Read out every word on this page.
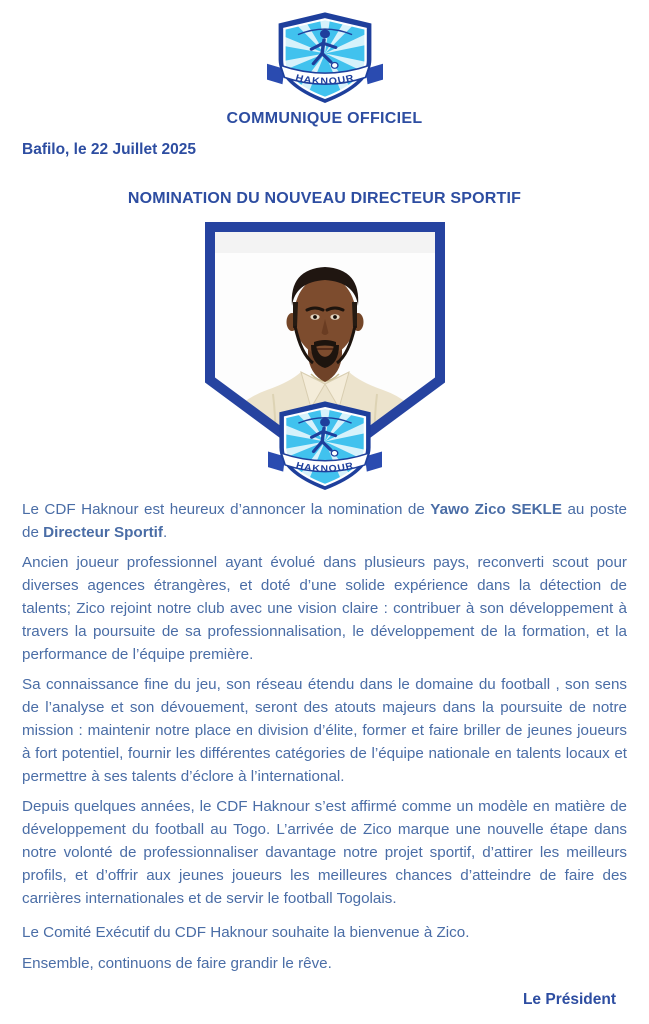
COMMUNIQUE OFFICIEL
Bafilo, le 22 Juillet 2025
NOMINATION DU NOUVEAU DIRECTEUR SPORTIF

Le CDF Haknour est heureux d’annoncer la nomination de Yawo Zico SEKLE au poste de Directeur Sportif.

Ancien joueur professionnel ayant évolué dans plusieurs pays, reconverti scout pour diverses agences étrangères, et doté d’une solide expérience dans la détection de talents; Zico rejoint notre club avec une vision claire : contribuer à son développement à travers la poursuite de sa professionnalisation, le développement de la formation, et la performance de l’équipe première.

Sa connaissance fine du jeu, son réseau étendu dans le domaine du football , son sens de l’analyse et son dévouement, seront des atouts majeurs dans la poursuite de notre mission : maintenir notre place en division d’élite, former et faire briller de jeunes joueurs à fort potentiel, fournir les différentes catégories de l’équipe nationale en talents locaux et permettre à ses talents d’éclore à l’international.

Depuis quelques années, le CDF Haknour s’est affirmé comme un modèle en matière de développement du football au Togo. L’arrivée de Zico marque une nouvelle étape dans notre volonté de professionnaliser davantage notre projet sportif, d’attirer les meilleurs profils, et d’offrir aux jeunes joueurs les meilleures chances d’atteindre de faire des carrières internationales et de servir le football Togolais.

Le Comité Exécutif du CDF Haknour souhaite la bienvenue à Zico.

Ensemble, continuons de faire grandir le rêve.

Le Président
